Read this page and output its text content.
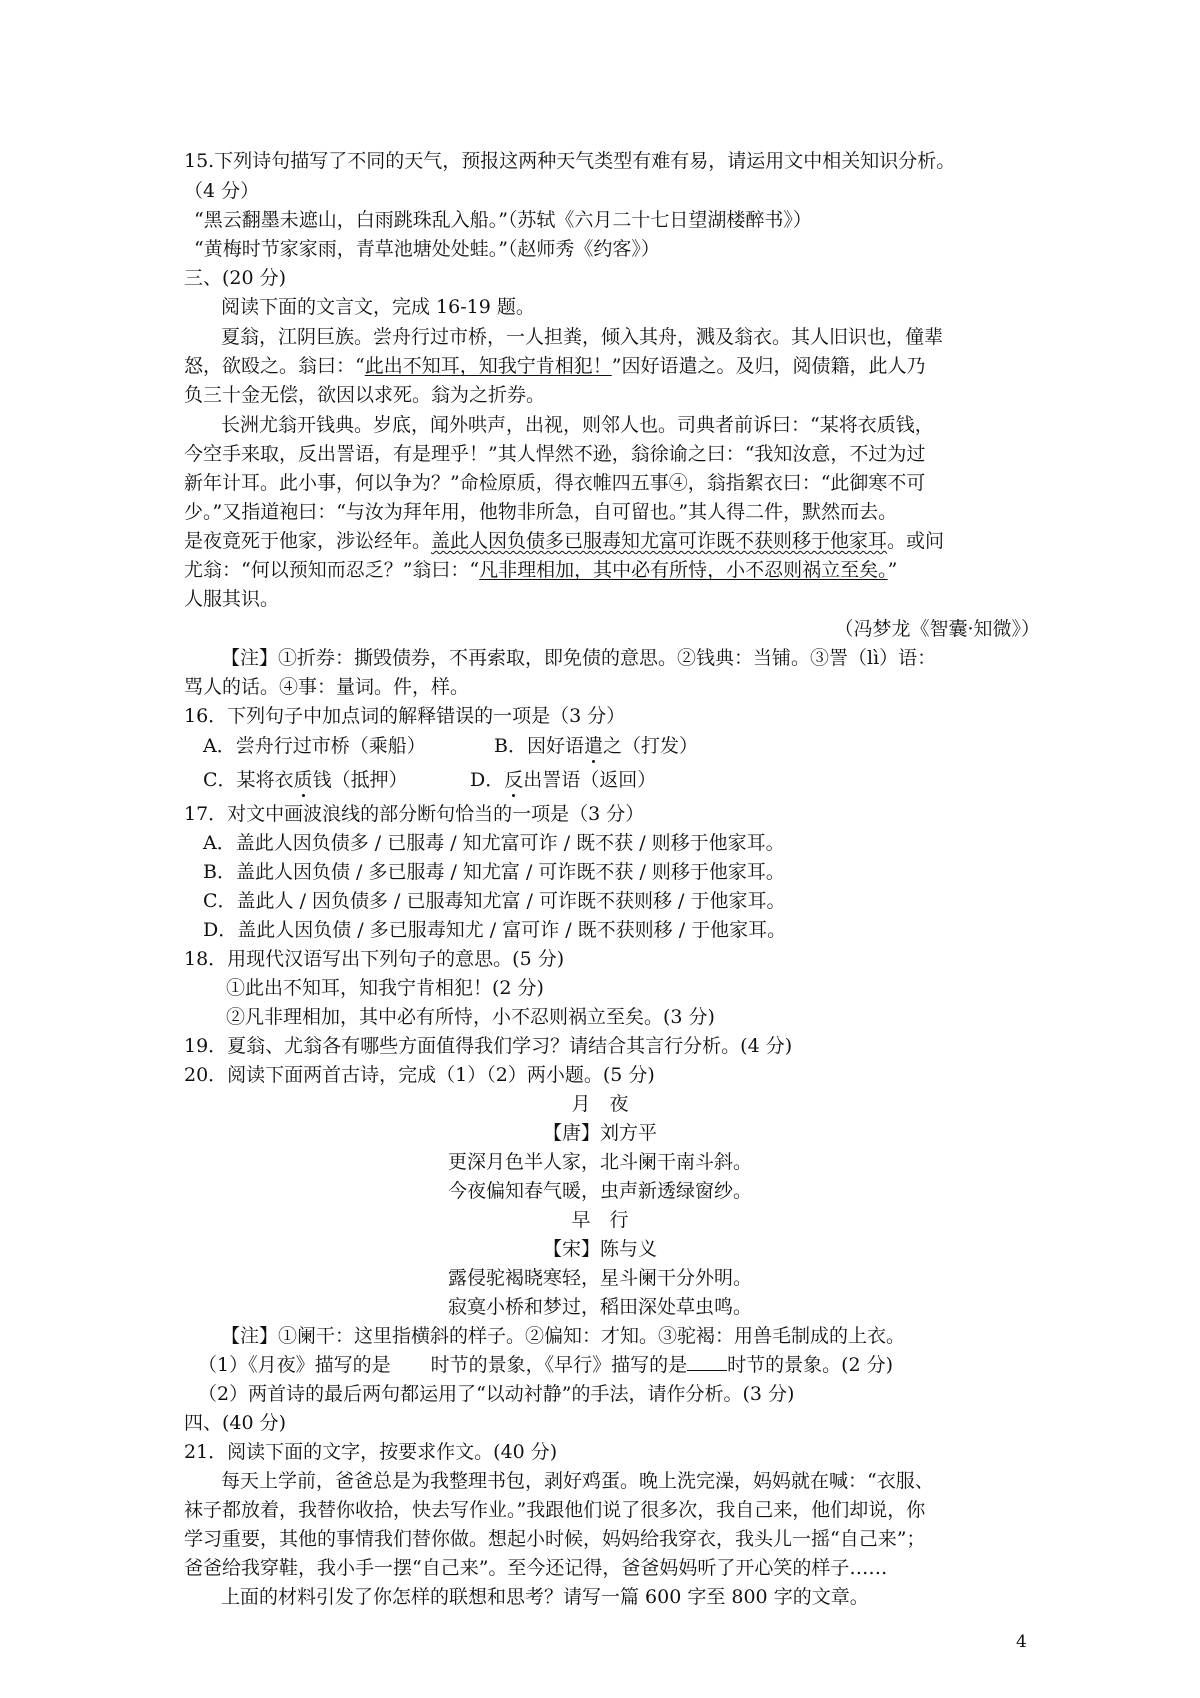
15.下列诗句描写了不同的天气，预报这两种天气类型有难有易，请运用文中相关知识分析。
（4 分）
“黑云翻墨未遮山，白雨跳珠乱入船。”（苏轼《六月二十七日望湖楼醉书》）
“黄梅时节家家雨，青草池塘处处蛙。”（赵师秀《约客》）
三、(20 分)
阅读下面的文言文，完成 16-19 题。
夏翁，江阴巨族。尝舟行过市桥，一人担粪，倾入其舟，溅及翁衣。其人旧识也，僮辈
怒，欲殴之。翁曰：“此出不知耳，知我宁肯相犯！”因好语遣之。及归，阅债籍，此人乃
负三十金无偿，欲因以求死。翁为之折券。
长洲尤翁开钱典。岁底，闻外哄声，出视，则邻人也。司典者前诉曰：“某将衣质钱，
今空手来取，反出詈语，有是理乎！”其人悍然不逊，翁徐谕之曰：“我知汝意，不过为过
新年计耳。此小事，何以争为？”命检原质，得衣帷四五事④，翁指絮衣曰：“此御寒不可
少。”又指道袍曰：“与汝为拜年用，他物非所急，自可留也。”其人得二件，默然而去。
是夜竟死于他家，涉讼经年。盖此人因负债多已服毒知尤富可诈既不获则移于他家耳。或问
尤翁：“何以预知而忍乏？”翁曰：“凡非理相加，其中必有所恃，小不忍则祸立至矣。”
人服其识。
（冯梦龙《智囊·知微》）
【注】①折券：撕毁债券，不再索取，即免债的意思。②钱典：当铺。③詈（lì）语：
骂人的话。④事：量词。件，样。
16．下列句子中加点词的解释错误的一项是（3 分）
A．尝舟行过市桥（乘船）	B．因好语遣之（打发）
C．某将衣质钱（抵押）	D．反出詈语（返回）
17．对文中画波浪线的部分断句恰当的一项是（3 分）
A．盖此人因负债多 / 已服毒 / 知尤富可诈 / 既不获 / 则移于他家耳。
B．盖此人因负债 / 多已服毒 / 知尤富 / 可诈既不获 / 则移于他家耳。
C．盖此人 / 因负债多 / 已服毒知尤富 / 可诈既不获则移 / 于他家耳。
D．盖此人因负债 / 多已服毒知尤 / 富可诈 / 既不获则移 / 于他家耳。
18．用现代汉语写出下列句子的意思。(5 分)
①此出不知耳，知我宁肯相犯！(2 分)
②凡非理相加，其中必有所恃，小不忍则祸立至矣。(3 分)
19．夏翁、尤翁各有哪些方面值得我们学习？请结合其言行分析。(4 分)
20．阅读下面两首古诗，完成（1）（2）两小题。(5 分)
月　夜
【唐】刘方平
更深月色半人家，北斗阑干南斗斜。
今夜偏知春气暖，虫声新透绿窗纱。
早　行
【宋】陈与义
露侵驼褐晓寒轻，星斗阑干分外明。
寂寞小桥和梦过，稻田深处草虫鸣。
【注】①阑干：这里指横斜的样子。②偏知：才知。③驼褐：用兽毛制成的上衣。
（1）《月夜》描写的是 时节的景象，《早行》描写的是 时节的景象。(2 分)
（2）两首诗的最后两句都运用了“以动衬静”的手法，请作分析。(3 分)
四、(40 分)
21．阅读下面的文字，按要求作文。(40 分)
每天上学前，爸爸总是为我整理书包，剥好鸡蛋。晚上洗完澡，妈妈就在喊：“衣服、
袜子都放着，我替你收拾，快去写作业。”我跟他们说了很多次，我自己来，他们却说，你
学习重要，其他的事情我们替你做。想起小时候，妈妈给我穿衣，我头儿一摇“自己来”；
爸爸给我穿鞋，我小手一摆“自己来”。至今还记得，爸爸妈妈听了开心笑的样子……
上面的材料引发了你怎样的联想和思考？请写一篇 600 字至 800 字的文章。
4
